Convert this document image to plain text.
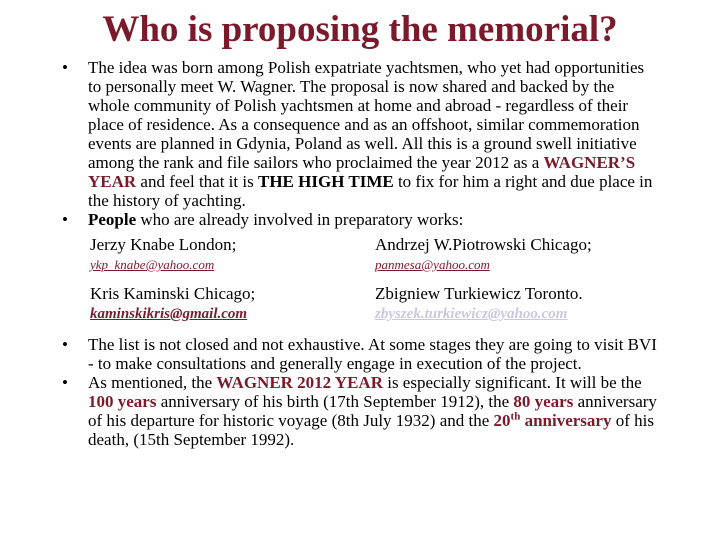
Who is proposing the memorial?

• The idea was born among Polish expatriate yachtsmen, who yet had opportunities to personally meet W. Wagner. The proposal is now shared and backed by the whole community of Polish yachtsmen at home and abroad - regardless of their place of residence. As a consequence and as an offshoot, similar commemoration events are planned in Gdynia, Poland as well. All this is a ground swell initiative among the rank and file sailors who proclaimed the year 2012 as a WAGNER’S YEAR and feel that it is THE HIGH TIME to fix for him a right and due place in the history of yachting.

• People who are already involved in preparatory works:

Jerzy Knabe London;	Andrzej W.Piotrowski Chicago;
ykp_knabe@yahoo.com	panmesa@yahoo.com
Kris Kaminski Chicago;	Zbigniew Turkiewicz Toronto.
kaminskikris@gmail.com	zbyszek.turkiewicz@yahoo.com

• The list is not closed and not exhaustive. At some stages they are going to visit BVI - to make consultations and generally engage in execution of the project.

• As mentioned, the WAGNER 2012 YEAR is especially significant. It will be the 100 years anniversary of his birth (17th September 1912), the 80 years anniversary of his departure for historic voyage (8th July 1932) and the 20th anniversary of his death, (15th September 1992).
